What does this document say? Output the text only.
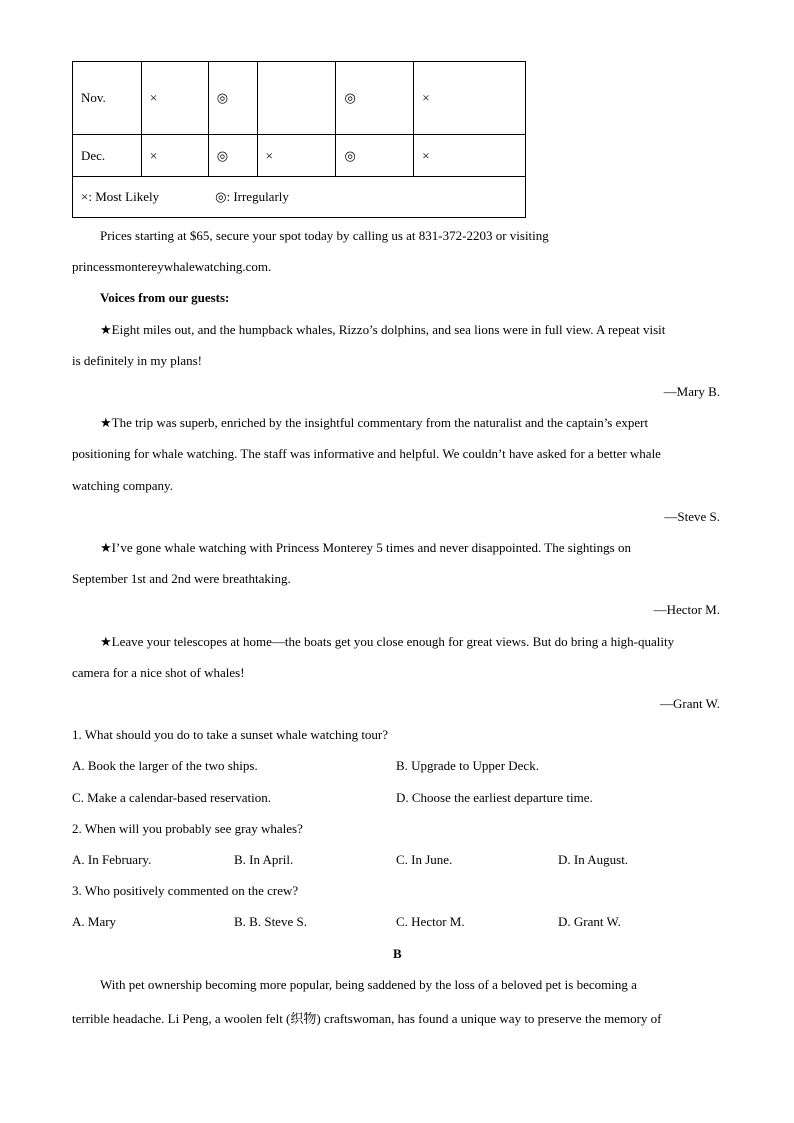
Nov.	×	◎		◎	×
Dec.	×	◎	×	◎	×
×: Most Likely ◎: Irregularly					
Prices starting at $65, secure your spot today by calling us at 831-372-2203 or visiting
princessmontereywhalewatching.com.
Voices from our guests:
★Eight miles out, and the humpback whales, Rizzo’s dolphins, and sea lions were in full view. A repeat visit
is definitely in my plans!
—Mary B.
★The trip was superb, enriched by the insightful commentary from the naturalist and the captain’s expert
positioning for whale watching. The staff was informative and helpful. We couldn’t have asked for a better whale
watching company.
—Steve S.
★I’ve gone whale watching with Princess Monterey 5 times and never disappointed. The sightings on
September 1st and 2nd were breathtaking.
—Hector M.
★Leave your telescopes at home—the boats get you close enough for great views. But do bring a high-quality
camera for a nice shot of whales!
—Grant W.
1. What should you do to take a sunset whale watching tour?
A. Book the larger of the two ships.	B. Upgrade to Upper Deck.
C. Make a calendar-based reservation.	D. Choose the earliest departure time.
2. When will you probably see gray whales?
A. In February.	B. In April.	C. In June.	D. In August.
3. Who positively commented on the crew?
A. Mary	B. B. Steve S.	C. Hector M.	D. Grant W.
B
With pet ownership becoming more popular, being saddened by the loss of a beloved pet is becoming a
terrible headache. Li Peng, a woolen felt (织物) craftswoman, has found a unique way to preserve the memory of
